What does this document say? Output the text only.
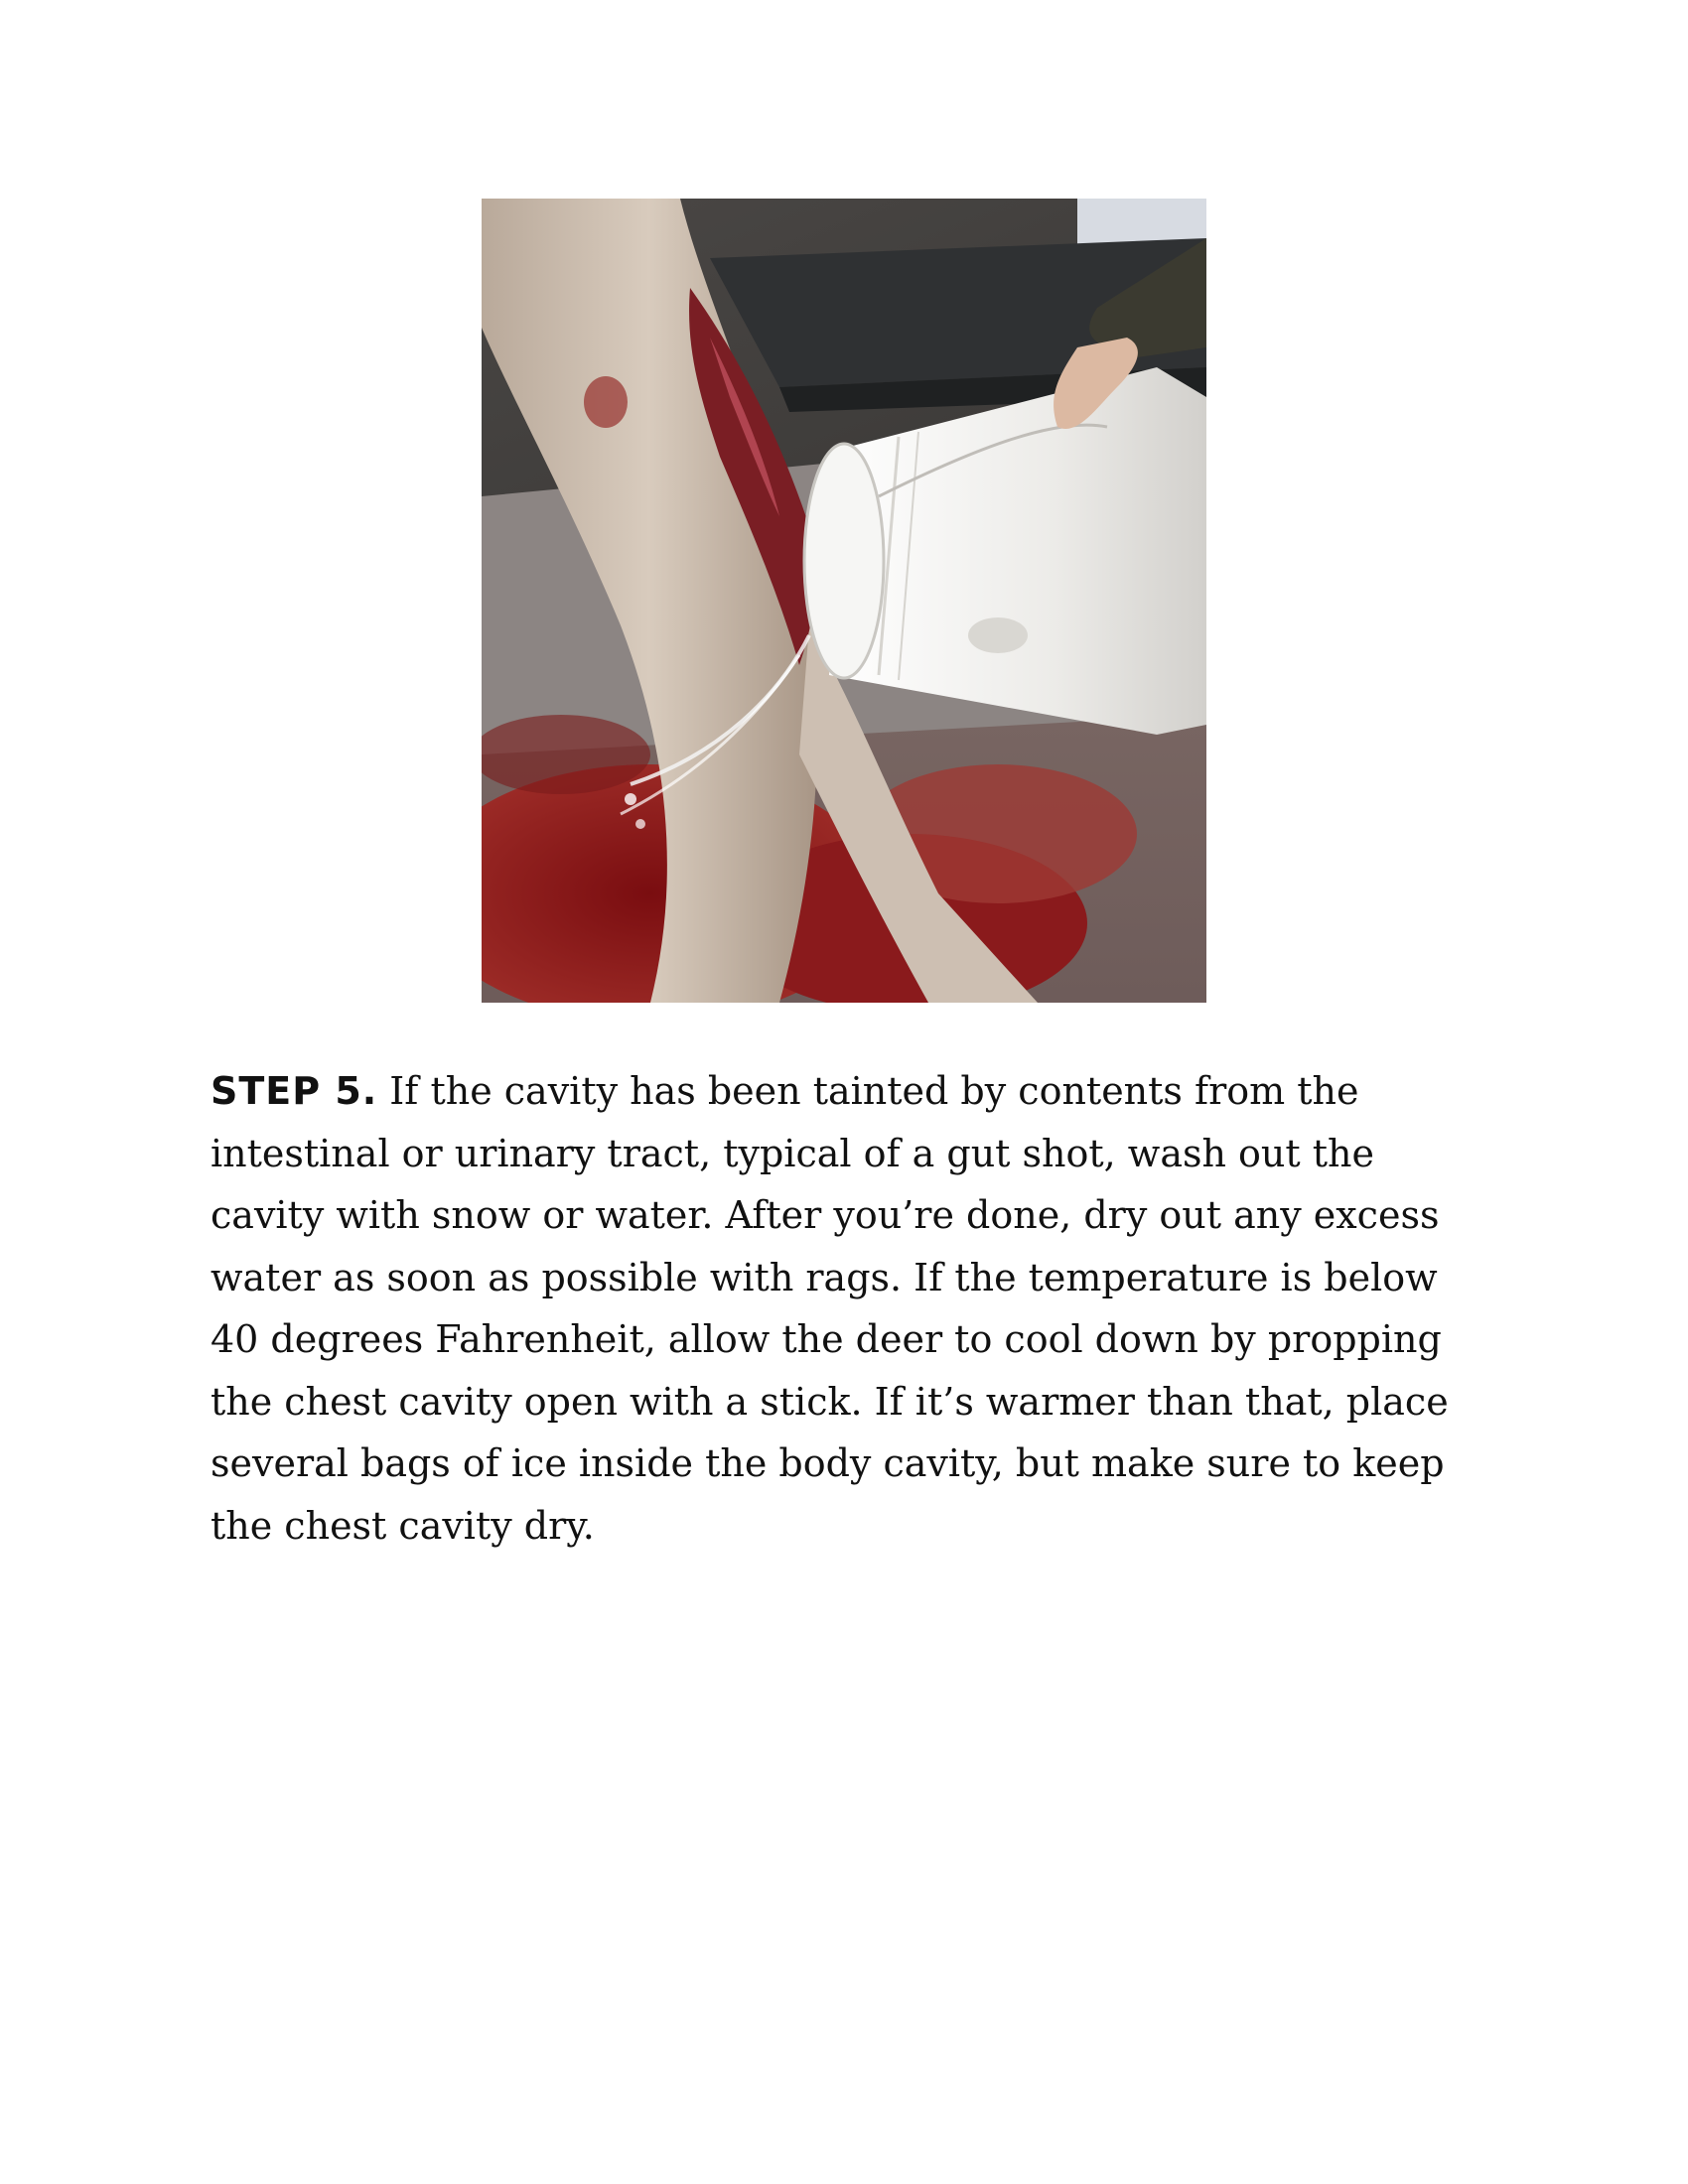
STEP 5. If the cavity has been tainted by contents from the intestinal or urinary tract, typical of a gut shot, wash out the cavity with snow or water. After you’re done, dry out any excess water as soon as possible with rags. If the temperature is below 40 degrees Fahrenheit, allow the deer to cool down by propping the chest cavity open with a stick. If it’s warmer than that, place several bags of ice inside the body cavity, but make sure to keep the chest cavity dry.
